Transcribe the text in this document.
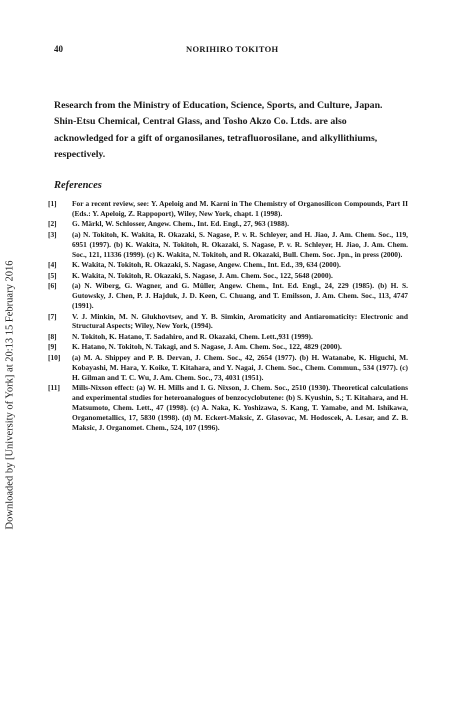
Downloaded by [University of York] at 20:13 15 February 2016
40	NORIHIRO TOKITOH

Research from the Ministry of Education, Science, Sports, and Culture, Japan. Shin-Etsu Chemical, Central Glass, and Tosho Akzo Co. Ltds. are also acknowledged for a gift of organosilanes, tetrafluorosilane, and alkyllithiums, respectively.

References
[1]	For a recent review, see: Y. Apeloig and M. Karni in The Chemistry of Organosilicon Compounds, Part II (Eds.: Y. Apeloig, Z. Rappoport), Wiley, New York, chapt. 1 (1998).
[2]	G. Märkl, W. Schlosser, Angew. Chem., Int. Ed. Engl., 27, 963 (1988).
[3]	(a) N. Tokitoh, K. Wakita, R. Okazaki, S. Nagase, P. v. R. Schleyer, and H. Jiao, J. Am. Chem. Soc., 119, 6951 (1997). (b) K. Wakita, N. Tokitoh, R. Okazaki, S. Nagase, P. v. R. Schleyer, H. Jiao, J. Am. Chem. Soc., 121, 11336 (1999). (c) K. Wakita, N. Tokitoh, and R. Okazaki, Bull. Chem. Soc. Jpn., in press (2000).
[4]	K. Wakita, N. Tokitoh, R. Okazaki, S. Nagase, Angew. Chem., Int. Ed., 39, 634 (2000).
[5]	K. Wakita, N. Tokitoh, R. Okazaki, S. Nagase, J. Am. Chem. Soc., 122, 5648 (2000).
[6]	(a) N. Wiberg, G. Wagner, and G. Müller, Angew. Chem., Int. Ed. Engl., 24, 229 (1985). (b) H. S. Gutowsky, J. Chen, P. J. Hajduk, J. D. Keen, C. Chuang, and T. Emilsson, J. Am. Chem. Soc., 113, 4747 (1991).
[7]	V. J. Minkin, M. N. Glukhovtsev, and Y. B. Simkin, Aromaticity and Antiaromaticity: Electronic and Structural Aspects; Wiley, New York, (1994).
[8]	N. Tokitoh, K. Hatano, T. Sadahiro, and R. Okazaki, Chem. Lett.,931 (1999).
[9]	K. Hatano, N. Tokitoh, N. Takagi, and S. Nagase, J. Am. Chem. Soc., 122, 4829 (2000).
[10]	(a) M. A. Shippey and P. B. Dervan, J. Chem. Soc., 42, 2654 (1977). (b) H. Watanabe, K. Higuchi, M. Kobayashi, M. Hara, Y. Koike, T. Kitahara, and Y. Nagai, J. Chem. Soc., Chem. Commun., 534 (1977). (c) H. Gilman and T. C. Wu, J. Am. Chem. Soc., 73, 4031 (1951).
[11]	Mills-Nixson effect: (a) W. H. Mills and I. G. Nixson, J. Chem. Soc., 2510 (1930). Theoretical calculations and experimental studies for heteroanalogues of benzocyclobutene: (b) S. Kyushin, S.; T. Kitahara, and H. Matsumoto, Chem. Lett., 47 (1998). (c) A. Naka, K. Yoshizawa, S. Kang, T. Yamabe, and M. Ishikawa, Organometallics, 17, 5830 (1998). (d) M. Eckert-Maksic, Z. Glasovac, M. Hodoscek, A. Lesar, and Z. B. Maksic, J. Organomet. Chem., 524, 107 (1996).
